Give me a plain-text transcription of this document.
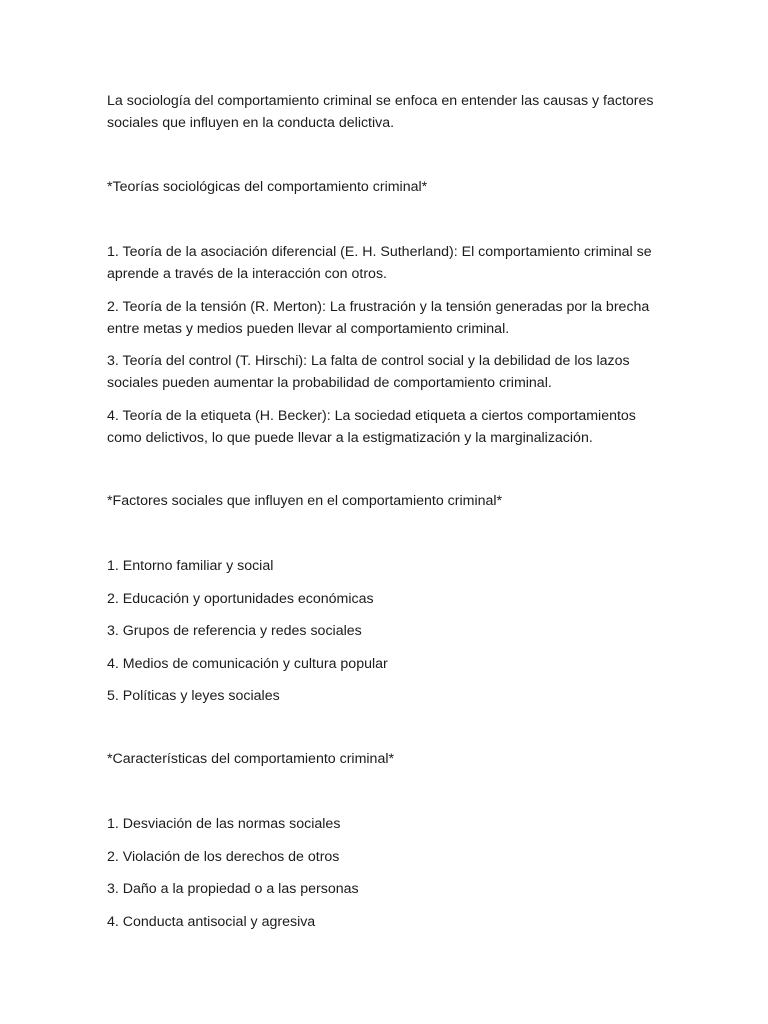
La sociología del comportamiento criminal se enfoca en entender las causas y factores sociales que influyen en la conducta delictiva.

*Teorías sociológicas del comportamiento criminal*
1. Teoría de la asociación diferencial (E. H. Sutherland): El comportamiento criminal se aprende a través de la interacción con otros.
2. Teoría de la tensión (R. Merton): La frustración y la tensión generadas por la brecha entre metas y medios pueden llevar al comportamiento criminal.
3. Teoría del control (T. Hirschi): La falta de control social y la debilidad de los lazos sociales pueden aumentar la probabilidad de comportamiento criminal.
4. Teoría de la etiqueta (H. Becker): La sociedad etiqueta a ciertos comportamientos como delictivos, lo que puede llevar a la estigmatización y la marginalización.
*Factores sociales que influyen en el comportamiento criminal*
1. Entorno familiar y social
2. Educación y oportunidades económicas
3. Grupos de referencia y redes sociales
4. Medios de comunicación y cultura popular
5. Políticas y leyes sociales
*Características del comportamiento criminal*
1. Desviación de las normas sociales
2. Violación de los derechos de otros
3. Daño a la propiedad o a las personas
4. Conducta antisocial y agresiva
